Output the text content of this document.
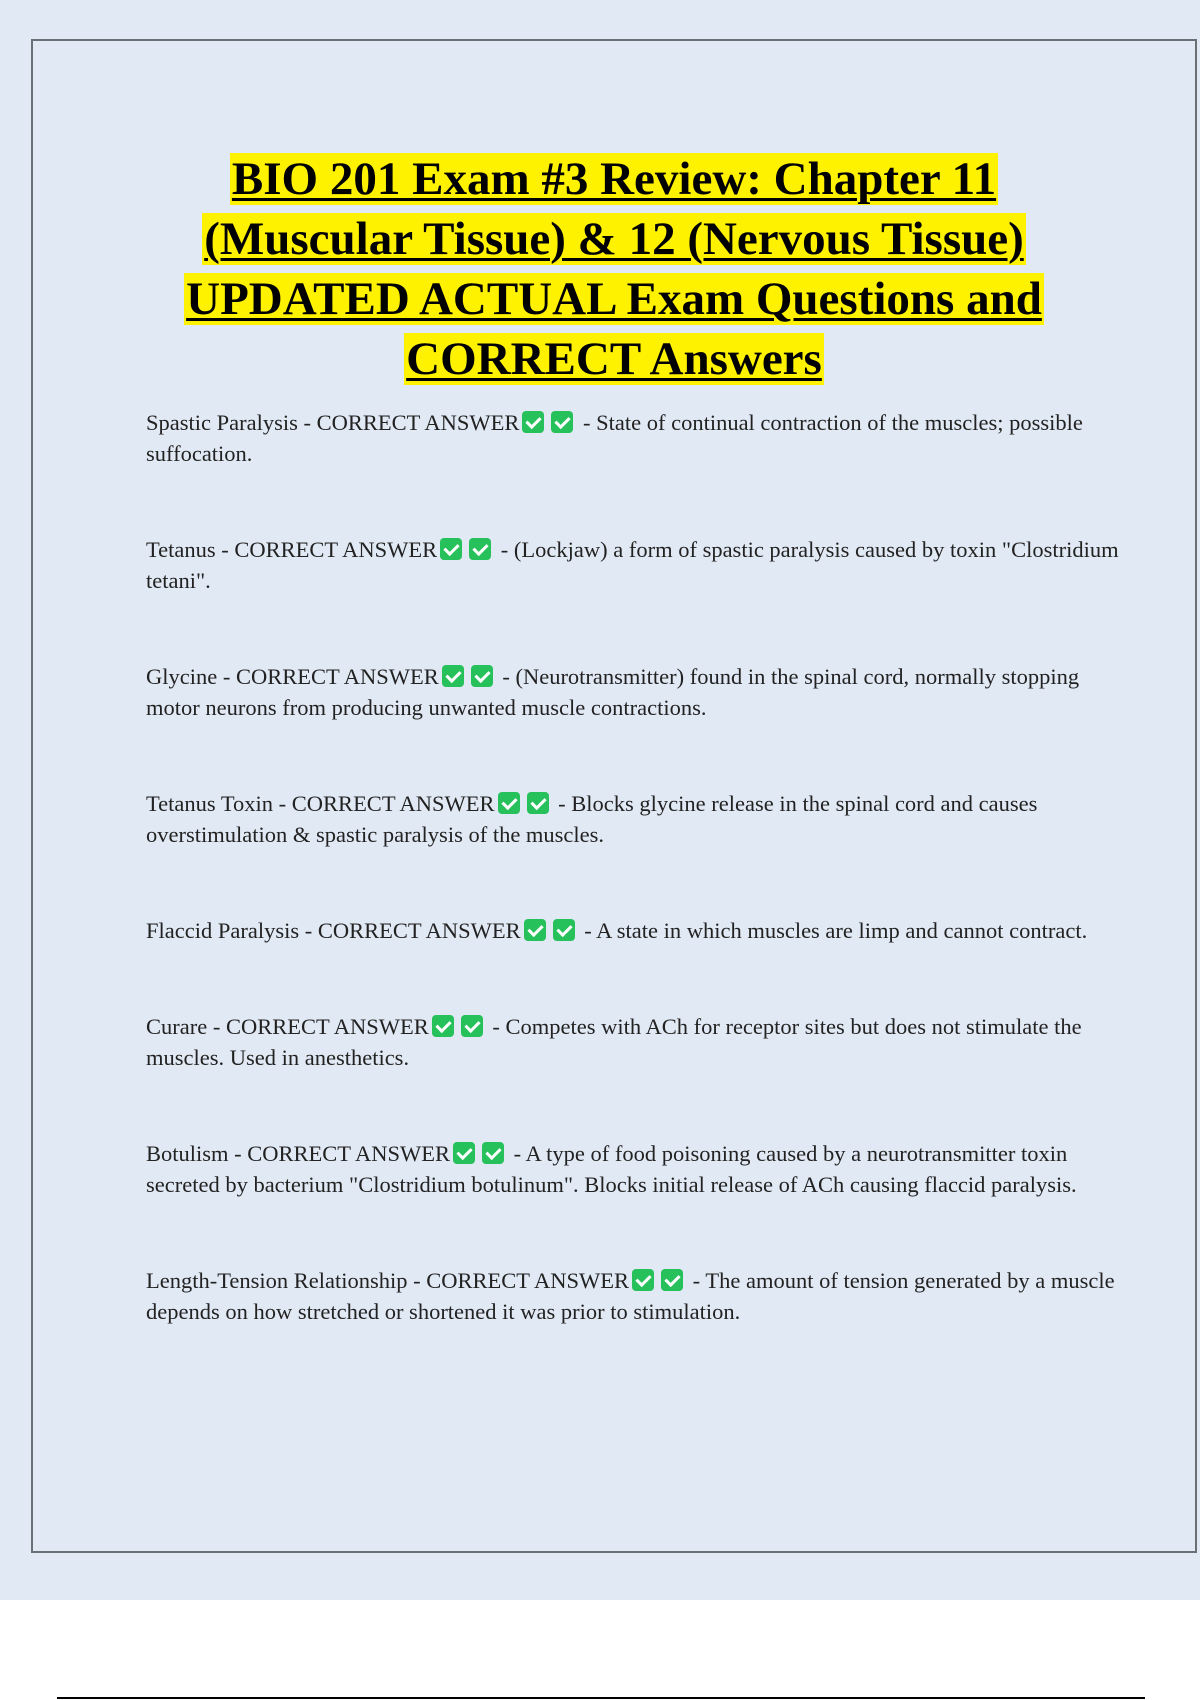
BIO 201 Exam #3 Review: Chapter 11
(Muscular Tissue) & 12 (Nervous Tissue)
UPDATED ACTUAL Exam Questions and
CORRECT Answers
Spastic Paralysis - CORRECT ANSWER	- State of continual contraction of the muscles; possible suffocation.
Tetanus - CORRECT ANSWER	- (Lockjaw) a form of spastic paralysis caused by toxin "Clostridium tetani".
Glycine - CORRECT ANSWER	- (Neurotransmitter) found in the spinal cord, normally stopping motor neurons from producing unwanted muscle contractions.
Tetanus Toxin - CORRECT ANSWER	- Blocks glycine release in the spinal cord and causes overstimulation & spastic paralysis of the muscles.
Flaccid Paralysis - CORRECT ANSWER	- A state in which muscles are limp and cannot contract.
Curare - CORRECT ANSWER	- Competes with ACh for receptor sites but does not stimulate the muscles. Used in anesthetics.
Botulism - CORRECT ANSWER	- A type of food poisoning caused by a neurotransmitter toxin secreted by bacterium "Clostridium botulinum". Blocks initial release of ACh causing flaccid paralysis.
Length-Tension Relationship - CORRECT ANSWER	- The amount of tension generated by a muscle depends on how stretched or shortened it was prior to stimulation.
